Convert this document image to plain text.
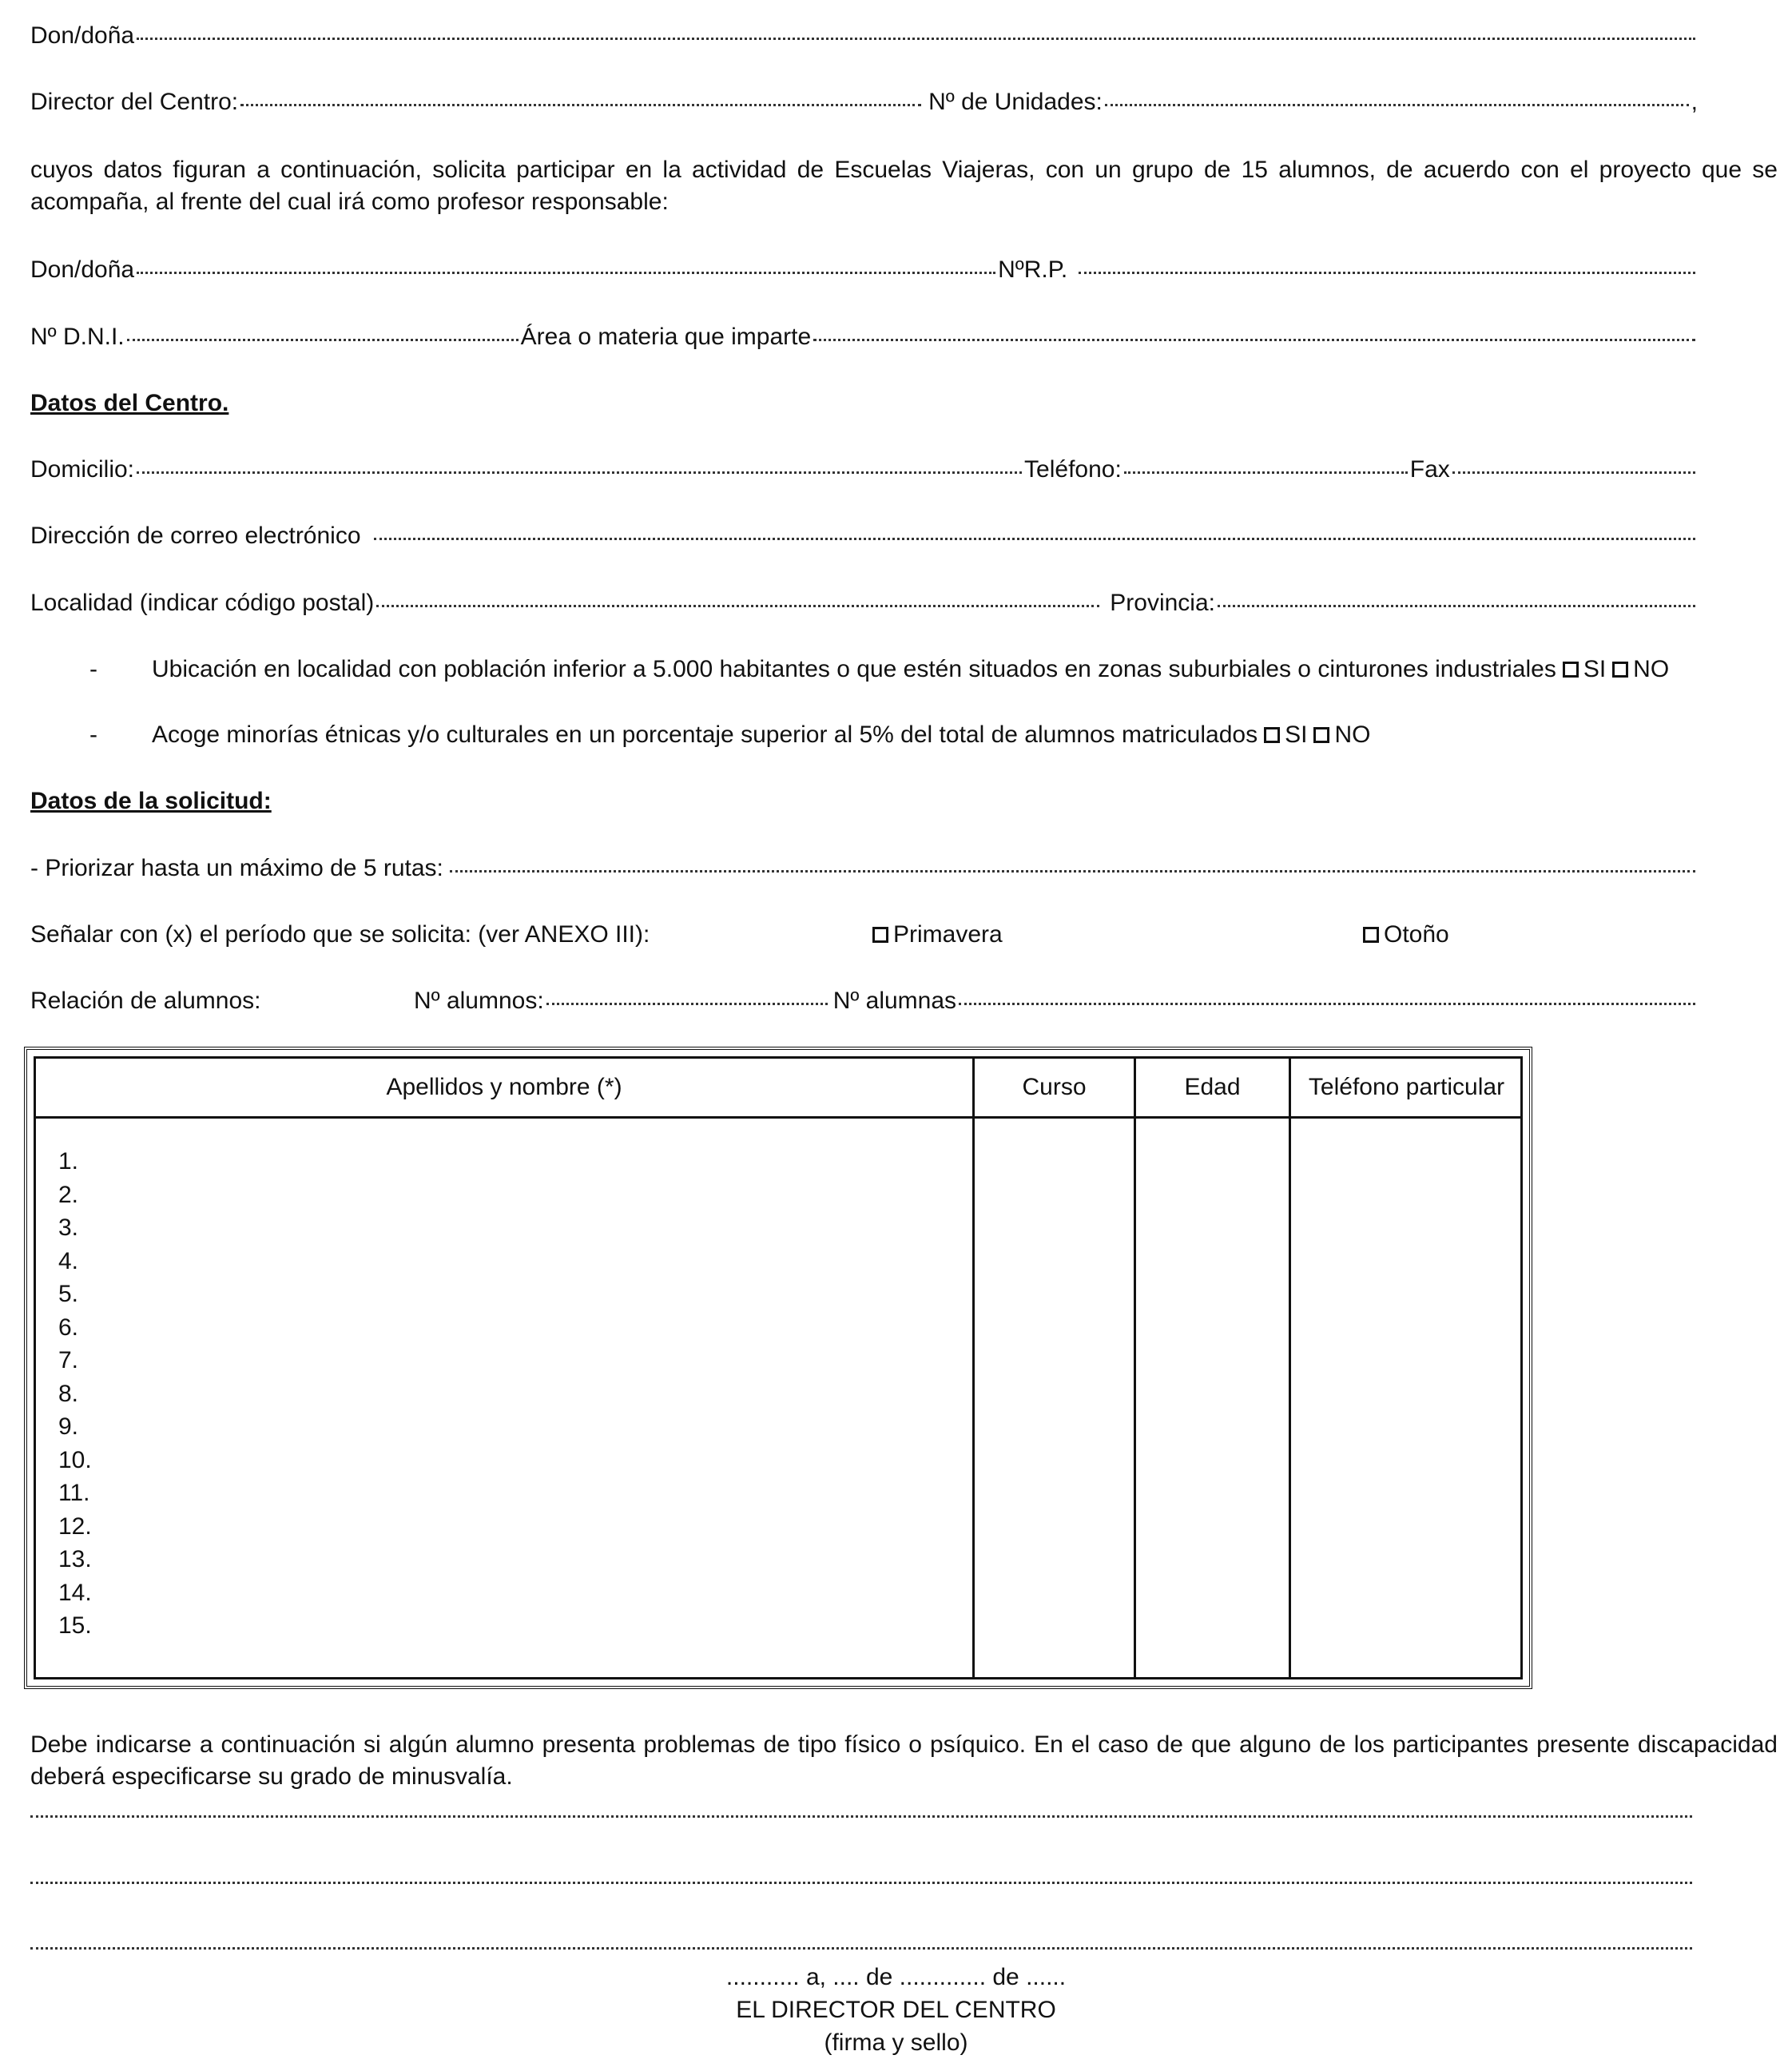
Don/doña
Director del Centro:	Nº de Unidades:	,
cuyos datos figuran a continuación, solicita participar en la actividad de Escuelas Viajeras, con un grupo de 15 alumnos, de acuerdo con el proyecto que se acompaña, al frente del cual irá como profesor responsable:
Don/doña	NºR.P.
Nº D.N.I.	Área o materia que imparte
Datos del Centro.
Domicilio:	Teléfono:	Fax
Dirección de correo electrónico
Localidad (indicar código postal)	Provincia:
-	Ubicación en localidad con población inferior a 5.000 habitantes o que estén situados en zonas suburbiales o cinturones industriales SI NO
-	Acoge minorías étnicas y/o culturales en un porcentaje superior al 5% del total de alumnos matriculados SI NO
Datos de la solicitud:
- Priorizar hasta un máximo de 5 rutas:
Señalar con (x) el período que se solicita: (ver ANEXO III):	Primavera	Otoño
Relación de alumnos:	Nº alumnos:	Nº alumnas
Apellidos y nombre (*)	Curso	Edad	Teléfono particular
1.
2.
3.
4.
5.
6.
7.
8.
9.
10.
11.
12.
13.
14.
15.
Debe indicarse a continuación si algún alumno presenta problemas de tipo físico o psíquico. En el caso de que alguno de los participantes presente discapacidad deberá especificarse su grado de minusvalía.
........... a, .... de ............. de ......
EL DIRECTOR DEL CENTRO
(firma y sello)
